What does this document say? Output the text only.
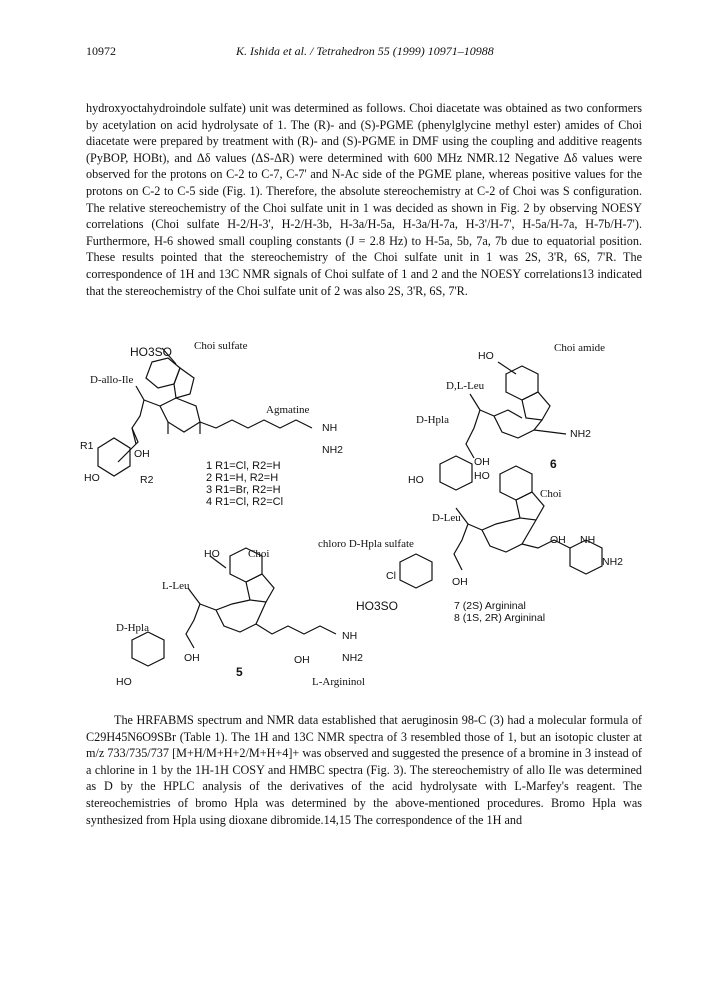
10972	K. Ishida et al. / Tetrahedron 55 (1999) 10971–10988

hydroxyoctahydroindole sulfate) unit was determined as follows. Choi diacetate was obtained as two conformers by acetylation on acid hydrolysate of 1. The (R)- and (S)-PGME (phenylglycine methyl ester) amides of Choi diacetate were prepared by treatment with (R)- and (S)-PGME in DMF using the coupling and additive reagents (PyBOP, HOBt), and Δδ values (ΔS-ΔR) were determined with 600 MHz NMR.12 Negative Δδ values were observed for the protons on C-2 to C-7, C-7' and N-Ac side of the PGME plane, whereas positive values for the protons on C-2 to C-5 side (Fig. 1). Therefore, the absolute stereochemistry at C-2 of Choi was S configuration. The relative stereochemistry of the Choi sulfate unit in 1 was decided as shown in Fig. 2 by observing NOESY correlations (Choi sulfate H-2/H-3', H-2/H-3b, H-3a/H-5a, H-3a/H-7a, H-3'/H-7', H-5a/H-7a, H-7b/H-7'). Furthermore, H-6 showed small coupling constants (J = 2.8 Hz) to H-5a, 5b, 7a, 7b due to equatorial position. These results pointed that the stereochemistry of the Choi sulfate unit in 1 was 2S, 3'R, 6S, 7'R. The correspondence of 1H and 13C NMR signals of Choi sulfate of 1 and 2 and the NOESY correlations13 indicated that the stereochemistry of the Choi sulfate unit of 2 was also 2S, 3'R, 6S, 7'R.

HO3SO Choi sulfate
D-allo-Ile
Agmatine
R1
R2
HO
OH
NH
NH2
1 R1=Cl, R2=H
2 R1=H, R2=H
3 R1=Br, R2=H
4 R1=Cl, R2=Cl
HO
Choi amide
D,L-Leu
D-Hpla
HO
OH
NH2
6
HO
Choi
D-Leu
chloro D-Hpla sulfate
Cl
HO3SO
OH
OH NH
NH2
7 (2S) Argininal
8 (1S, 2R) Argininal
HO	Choi
L-Leu
D-Hpla
HO
OH	OH
NH
NH2
L-Argininol
5

The HRFABMS spectrum and NMR data established that aeruginosin 98-C (3) had a molecular formula of C29H45N6O9SBr (Table 1). The 1H and 13C NMR spectra of 3 resembled those of 1, but an isotopic cluster at m/z 733/735/737 [M+H/M+H+2/M+H+4]+ was observed and suggested the presence of a bromine in 3 instead of a chlorine in 1 by the 1H-1H COSY and HMBC spectra (Fig. 3). The stereochemistry of allo Ile was determined as D by the HPLC analysis of the derivatives of the acid hydrolysate with L-Marfey's reagent. The stereochemistries of bromo Hpla was determined by the above-mentioned procedures. Bromo Hpla was synthesized from Hpla using dioxane dibromide.14,15 The correspondence of the 1H and
